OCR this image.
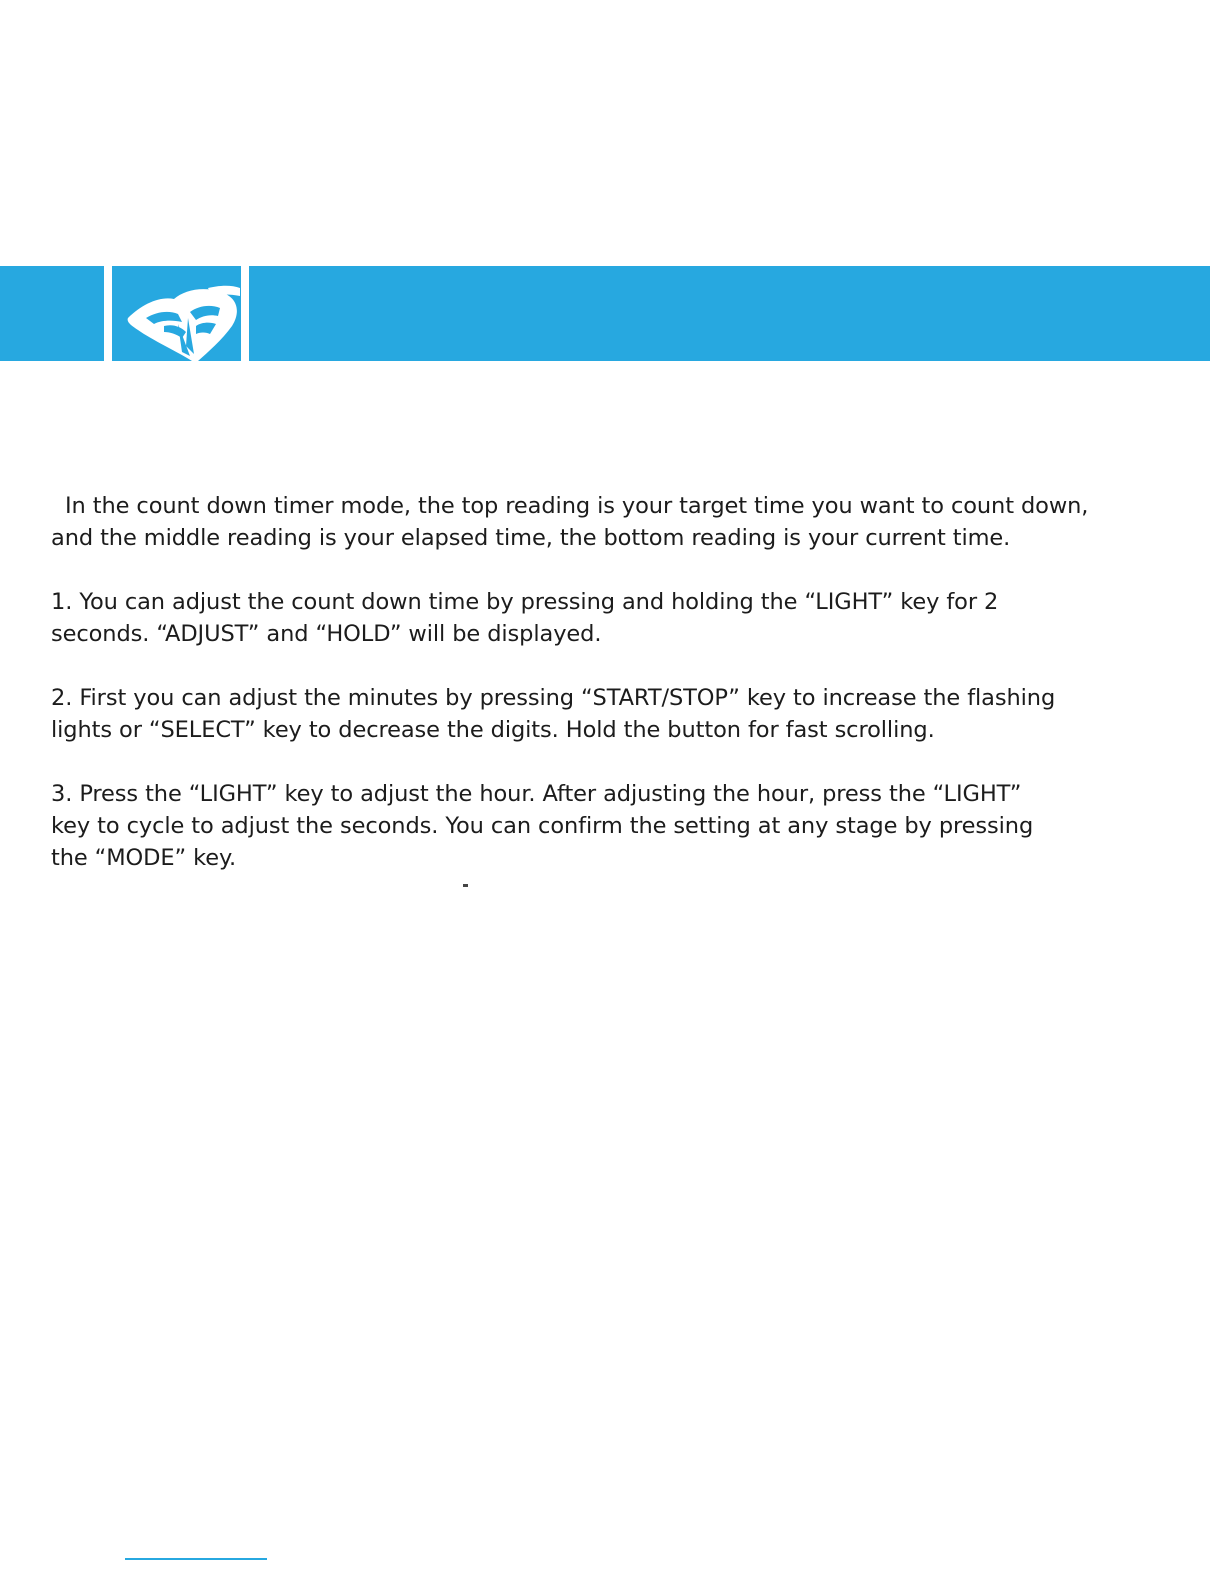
In the count down timer mode, the top reading is your target time you want to count down,
and the middle reading is your elapsed time, the bottom reading is your current time.

1. You can adjust the count down time by pressing and holding the “LIGHT” key for 2
seconds. “ADJUST” and “HOLD” will be displayed.

2. First you can adjust the minutes by pressing “START/STOP” key to increase the flashing
lights or “SELECT” key to decrease the digits. Hold the button for fast scrolling.

3. Press the “LIGHT” key to adjust the hour. After adjusting the hour, press the “LIGHT”
key to cycle to adjust the seconds. You can confirm the setting at any stage by pressing
the “MODE” key.
